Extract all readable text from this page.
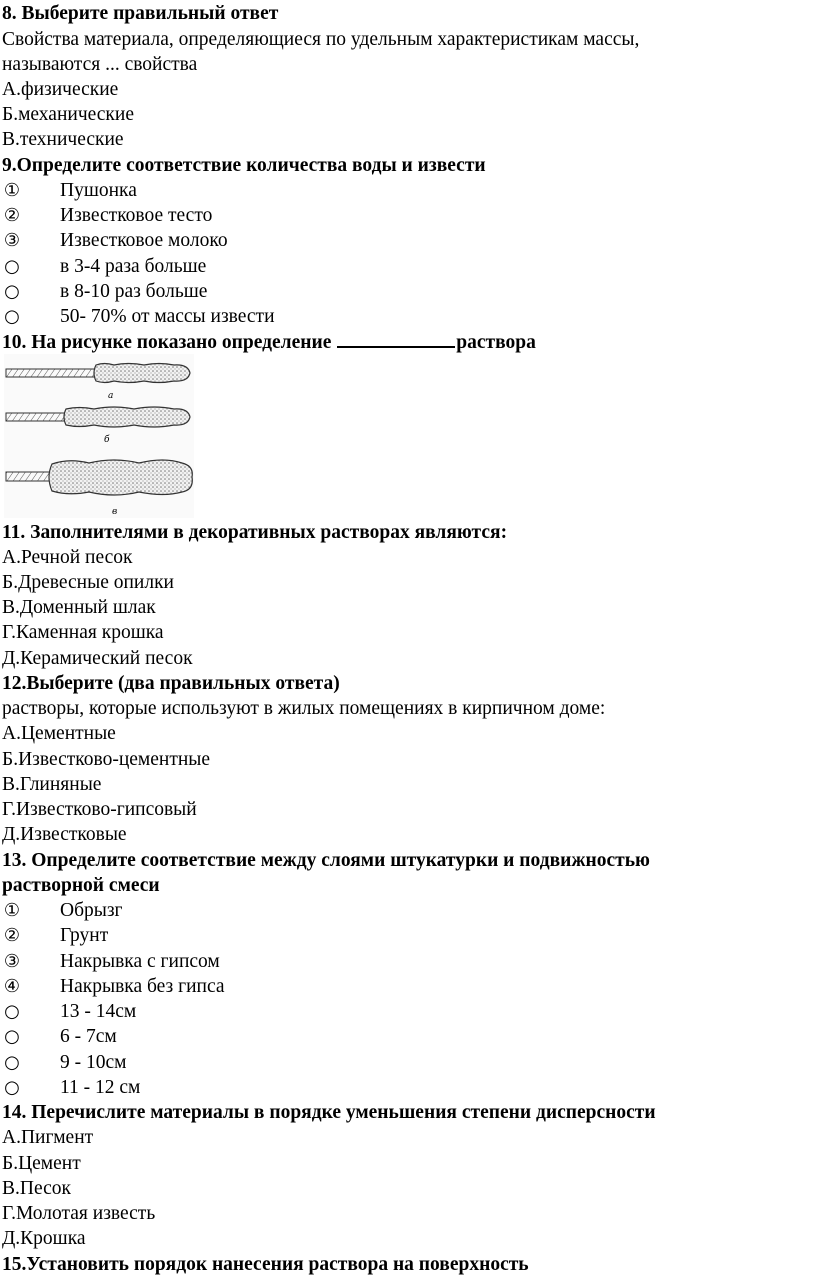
8. Выберите правильный ответ
Свойства материала, определяющиеся по удельным характеристикам массы,
называются ... свойства
А.физические
Б.механические
В.технические
9.Определите соответствие количества воды и извести
① Пушонка
② Известковое тесто
③ Известковое молоко
○ в 3-4 раза больше
○ в 8-10 раз больше
○ 50- 70% от массы извести
10. На рисунке показано определение	раствора
а
б
в
11. Заполнителями в декоративных растворах являются:
А.Речной песок
Б.Древесные опилки
В.Доменный шлак
Г.Каменная крошка
Д.Керамический песок
12.Выберите (два правильных ответа)
растворы, которые используют в жилых помещениях в кирпичном доме:
А.Цементные
Б.Известково-цементные
В.Глиняные
Г.Известково-гипсовый
Д.Известковые
13. Определите соответствие между слоями штукатурки и подвижностью
растворной смеси
① Обрызг
② Грунт
③ Накрывка с гипсом
④ Накрывка без гипса
○ 13 - 14см
○ 6 - 7см
○ 9 - 10см
○ 11 - 12 см
14. Перечислите материалы в порядке уменьшения степени дисперсности
А.Пигмент
Б.Цемент
В.Песок
Г.Молотая известь
Д.Крошка
15.Установить порядок нанесения раствора на поверхность
